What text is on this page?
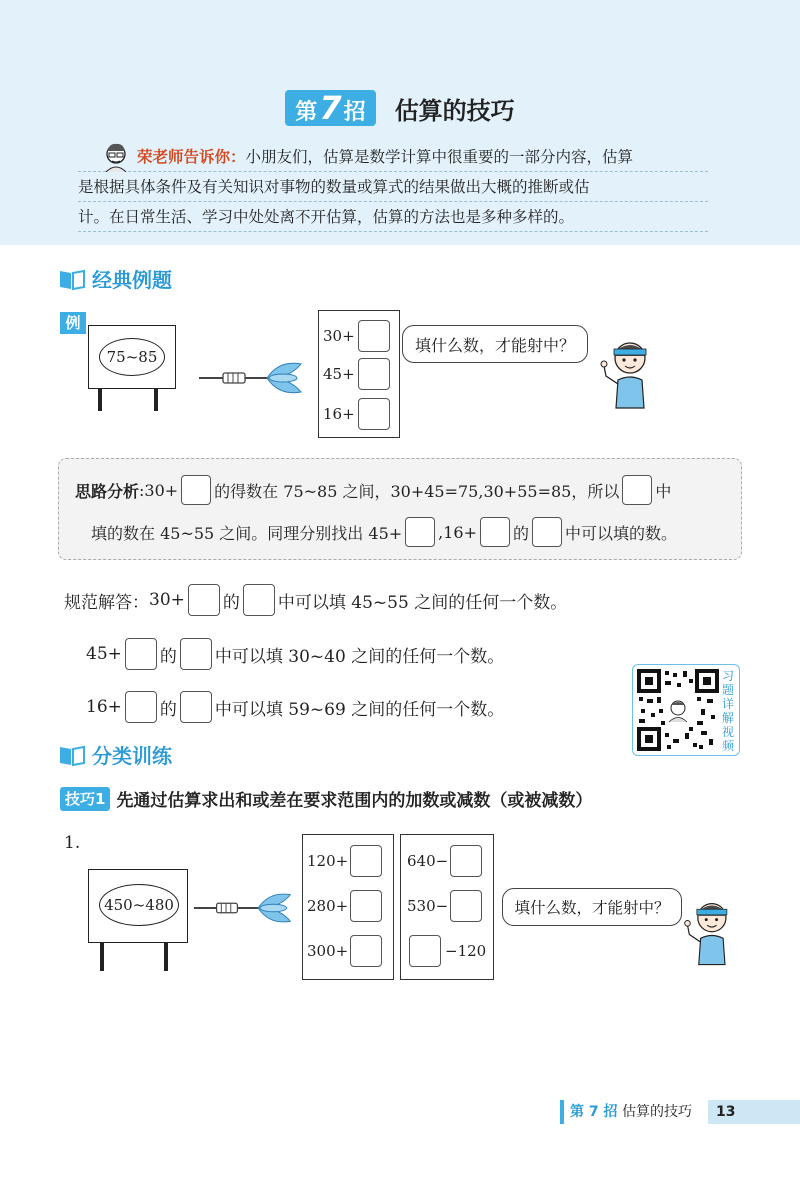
第7招 估算的技巧
荣老师告诉你：小朋友们，估算是数学计算中很重要的一部分内容，估算
是根据具体条件及有关知识对事物的数量或算式的结果做出大概的推断或估
计。在日常生活、学习中处处离不开估算，估算的方法也是多种多样的。
经典例题
例
75~85
30+
45+
16+
填什么数，才能射中？
思路分析 :30+ 的得数在 75~85 之间，30+45=75,30+55=85，所以 中
填的数在 45~55 之间。同理分别找出 45+ ,16+ 的 中可以填的数。
规范解答： 30+ 的 中可以填 45~55 之间的任何一个数。
45+ 的 中可以填 30~40 之间的任何一个数。
16+ 的 中可以填 59~69 之间的任何一个数。
习题详解视频
分类训练
技巧1 先通过估算求出和或差在要求范围内的加数或减数（或被减数）
1.
450~480
120+
280+
300+
640−
530−
−120
填什么数，才能射中？
第 7 招 估算的技巧	13
